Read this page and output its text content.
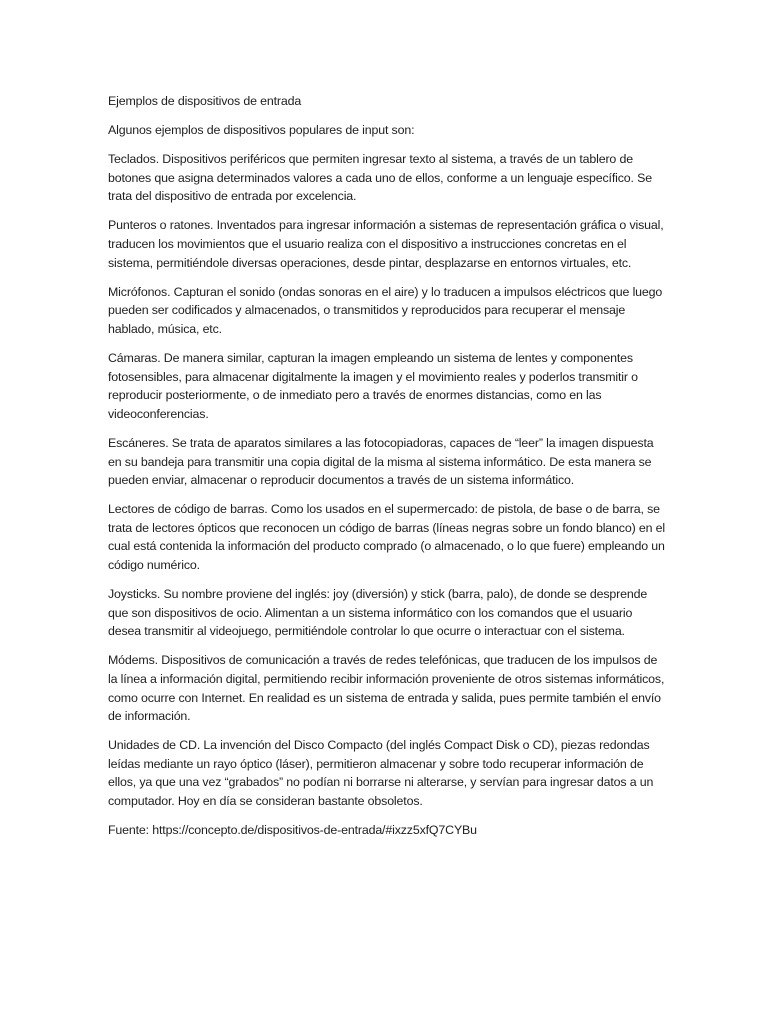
Ejemplos de dispositivos de entrada

Algunos ejemplos de dispositivos populares de input son:

Teclados. Dispositivos periféricos que permiten ingresar texto al sistema, a través de un tablero de botones que asigna determinados valores a cada uno de ellos, conforme a un lenguaje específico. Se trata del dispositivo de entrada por excelencia.

Punteros o ratones. Inventados para ingresar información a sistemas de representación gráfica o visual, traducen los movimientos que el usuario realiza con el dispositivo a instrucciones concretas en el sistema, permitiéndole diversas operaciones, desde pintar, desplazarse en entornos virtuales, etc.

Micrófonos. Capturan el sonido (ondas sonoras en el aire) y lo traducen a impulsos eléctricos que luego pueden ser codificados y almacenados, o transmitidos y reproducidos para recuperar el mensaje hablado, música, etc.

Cámaras. De manera similar, capturan la imagen empleando un sistema de lentes y componentes fotosensibles, para almacenar digitalmente la imagen y el movimiento reales y poderlos transmitir o reproducir posteriormente, o de inmediato pero a través de enormes distancias, como en las videoconferencias.

Escáneres. Se trata de aparatos similares a las fotocopiadoras, capaces de “leer” la imagen dispuesta en su bandeja para transmitir una copia digital de la misma al sistema informático. De esta manera se pueden enviar, almacenar o reproducir documentos a través de un sistema informático.

Lectores de código de barras. Como los usados en el supermercado: de pistola, de base o de barra, se trata de lectores ópticos que reconocen un código de barras (líneas negras sobre un fondo blanco) en el cual está contenida la información del producto comprado (o almacenado, o lo que fuere) empleando un código numérico.

Joysticks. Su nombre proviene del inglés: joy (diversión) y stick (barra, palo), de donde se desprende que son dispositivos de ocio. Alimentan a un sistema informático con los comandos que el usuario desea transmitir al videojuego, permitiéndole controlar lo que ocurre o interactuar con el sistema.

Módems. Dispositivos de comunicación a través de redes telefónicas, que traducen de los impulsos de la línea a información digital, permitiendo recibir información proveniente de otros sistemas informáticos, como ocurre con Internet. En realidad es un sistema de entrada y salida, pues permite también el envío de información.

Unidades de CD. La invención del Disco Compacto (del inglés Compact Disk o CD), piezas redondas leídas mediante un rayo óptico (láser), permitieron almacenar y sobre todo recuperar información de ellos, ya que una vez “grabados” no podían ni borrarse ni alterarse, y servían para ingresar datos a un computador. Hoy en día se consideran bastante obsoletos.

Fuente: https://concepto.de/dispositivos-de-entrada/#ixzz5xfQ7CYBu
